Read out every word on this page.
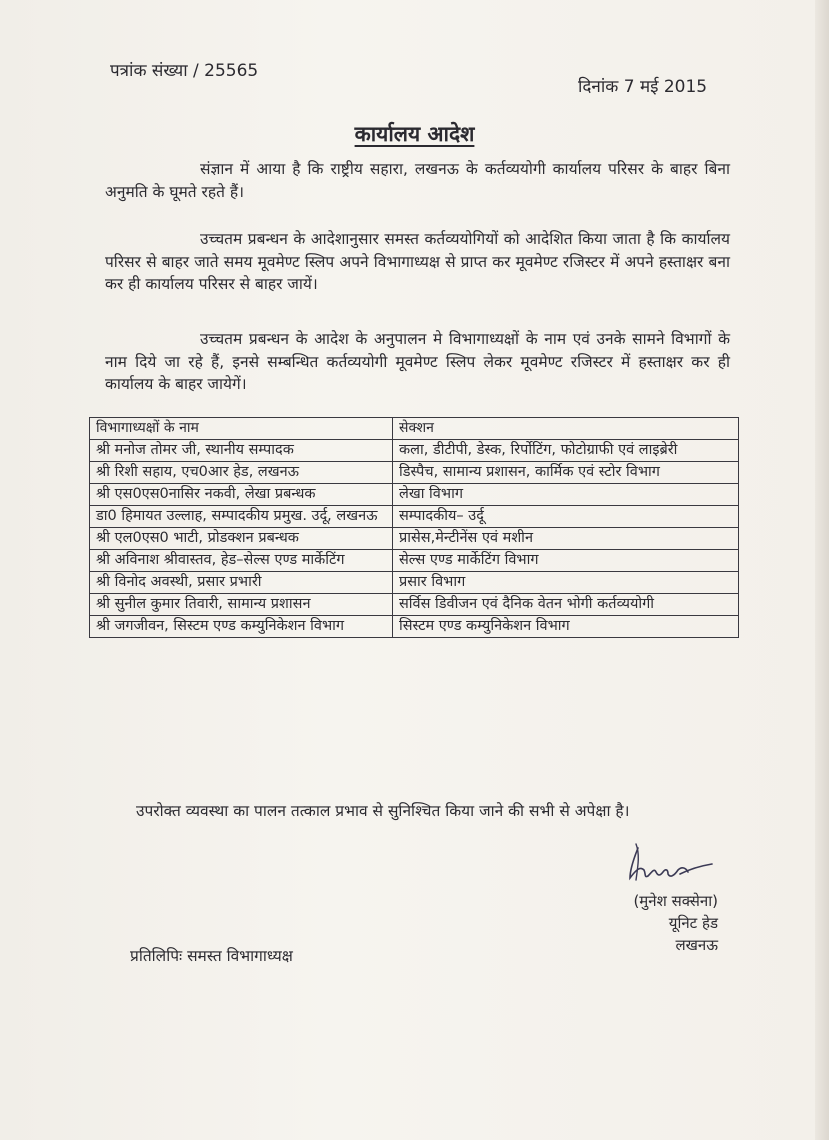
पत्रांक संख्या / 25565
दिनांक 7 मई 2015
कार्यालय आदेश
संज्ञान में आया है कि राष्ट्रीय सहारा, लखनऊ के कर्तव्ययोगी कार्यालय परिसर के बाहर बिना अनुमति के घूमते रहते हैं।
उच्चतम प्रबन्धन के आदेशानुसार समस्त कर्तव्ययोगियों को आदेशित किया जाता है कि कार्यालय परिसर से बाहर जाते समय मूवमेण्ट स्लिप अपने विभागाध्यक्ष से प्राप्त कर मूवमेण्ट रजिस्टर में अपने हस्ताक्षर बना कर ही कार्यालय परिसर से बाहर जायें।
उच्चतम प्रबन्धन के आदेश के अनुपालन मे विभागाध्यक्षों के नाम एवं उनके सामने विभागों के नाम दिये जा रहे हैं, इनसे सम्बन्धित कर्तव्ययोगी मूवमेण्ट स्लिप लेकर मूवमेण्ट रजिस्टर में हस्ताक्षर कर ही कार्यालय के बाहर जायेगें।
विभागाध्यक्षों के नाम	सेक्शन
श्री मनोज तोमर जी, स्थानीय सम्पादक	कला, डीटीपी, डेस्क, रिर्पोटिंग, फोटोग्राफी एवं लाइब्रेरी
श्री रिशी सहाय, एच0आर हेड, लखनऊ	डिस्पैच, सामान्य प्रशासन, कार्मिक एवं स्टोर विभाग
श्री एस0एस0नासिर नकवी, लेखा प्रबन्धक	लेखा विभाग
डा0 हिमायत उल्लाह, सम्पादकीय प्रमुख. उर्दू, लखनऊ	सम्पादकीय– उर्दू
श्री एल0एस0 भाटी, प्रोडक्शन प्रबन्धक	प्रासेस,मेन्टीनेंस एवं मशीन
श्री अविनाश श्रीवास्तव, हेड–सेल्स एण्ड मार्केटिंग	सेल्स एण्ड मार्केटिंग विभाग
श्री विनोद अवस्थी, प्रसार प्रभारी	प्रसार विभाग
श्री सुनील कुमार तिवारी, सामान्य प्रशासन	सर्विस डिवीजन एवं दैनिक वेतन भोगी कर्तव्ययोगी
श्री जगजीवन, सिस्टम एण्ड कम्युनिकेशन विभाग	सिस्टम एण्ड कम्युनिकेशन विभाग
उपरोक्त व्यवस्था का पालन तत्काल प्रभाव से सुनिश्चित किया जाने की सभी से अपेक्षा है।
(मुनेश सक्सेना)
यूनिट हेड
लखनऊ
प्रतिलिपिः समस्त विभागाध्यक्ष
